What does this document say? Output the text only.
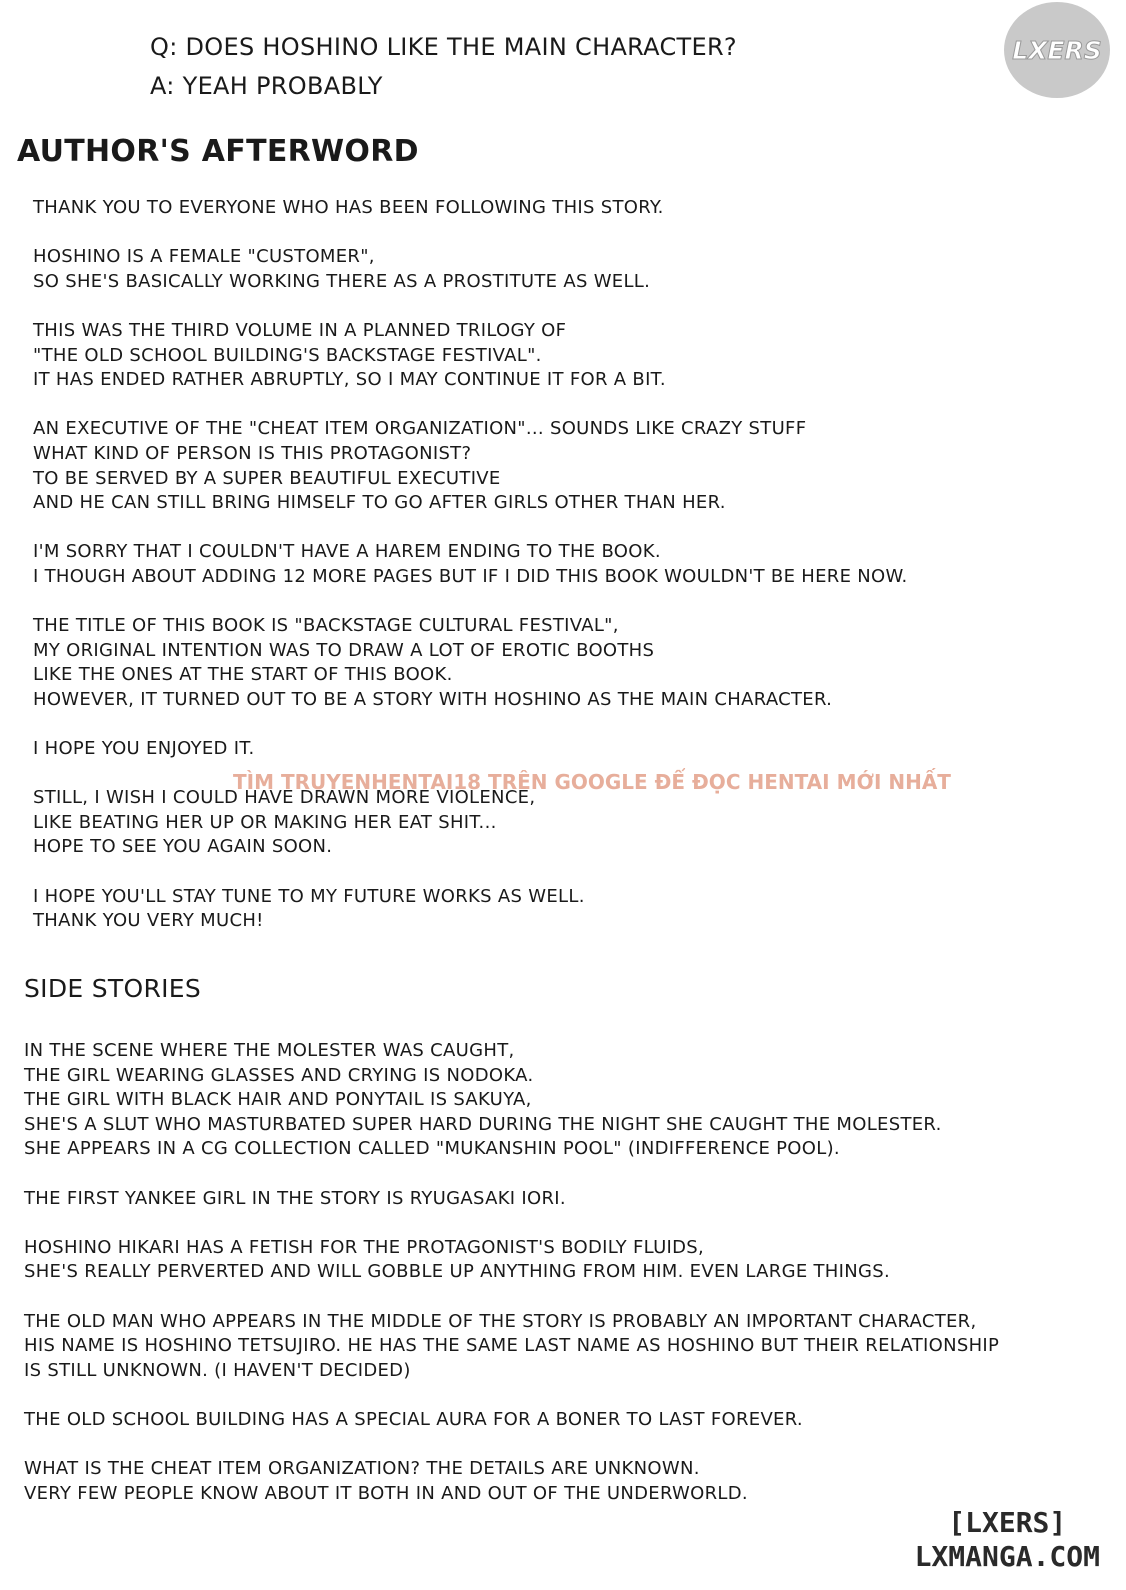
LXERS
Q: DOES HOSHINO LIKE THE MAIN CHARACTER?
A: YEAH PROBABLY
AUTHOR'S AFTERWORD
THANK YOU TO EVERYONE WHO HAS BEEN FOLLOWING THIS STORY.
HOSHINO IS A FEMALE "CUSTOMER",
SO SHE'S BASICALLY WORKING THERE AS A PROSTITUTE AS WELL.
THIS WAS THE THIRD VOLUME IN A PLANNED TRILOGY OF
"THE OLD SCHOOL BUILDING'S BACKSTAGE FESTIVAL".
IT HAS ENDED RATHER ABRUPTLY, SO I MAY CONTINUE IT FOR A BIT.
AN EXECUTIVE OF THE "CHEAT ITEM ORGANIZATION"... SOUNDS LIKE CRAZY STUFF
WHAT KIND OF PERSON IS THIS PROTAGONIST?
TO BE SERVED BY A SUPER BEAUTIFUL EXECUTIVE
AND HE CAN STILL BRING HIMSELF TO GO AFTER GIRLS OTHER THAN HER.
I'M SORRY THAT I COULDN'T HAVE A HAREM ENDING TO THE BOOK.
I THOUGH ABOUT ADDING 12 MORE PAGES BUT IF I DID THIS BOOK WOULDN'T BE HERE NOW.
THE TITLE OF THIS BOOK IS "BACKSTAGE CULTURAL FESTIVAL",
MY ORIGINAL INTENTION WAS TO DRAW A LOT OF EROTIC BOOTHS
LIKE THE ONES AT THE START OF THIS BOOK.
HOWEVER, IT TURNED OUT TO BE A STORY WITH HOSHINO AS THE MAIN CHARACTER.
I HOPE YOU ENJOYED IT.
STILL, I WISH I COULD HAVE DRAWN MORE VIOLENCE,
LIKE BEATING HER UP OR MAKING HER EAT SHIT...
HOPE TO SEE YOU AGAIN SOON.
I HOPE YOU'LL STAY TUNE TO MY FUTURE WORKS AS WELL.
THANK YOU VERY MUCH!
TÌM TRUYENHENTAI18 TRÊN GOOGLE ĐỂ ĐỌC HENTAI MỚI NHẤT
SIDE STORIES
IN THE SCENE WHERE THE MOLESTER WAS CAUGHT,
THE GIRL WEARING GLASSES AND CRYING IS NODOKA.
THE GIRL WITH BLACK HAIR AND PONYTAIL IS SAKUYA,
SHE'S A SLUT WHO MASTURBATED SUPER HARD DURING THE NIGHT SHE CAUGHT THE MOLESTER.
SHE APPEARS IN A CG COLLECTION CALLED "MUKANSHIN POOL" (INDIFFERENCE POOL).
THE FIRST YANKEE GIRL IN THE STORY IS RYUGASAKI IORI.
HOSHINO HIKARI HAS A FETISH FOR THE PROTAGONIST'S BODILY FLUIDS,
SHE'S REALLY PERVERTED AND WILL GOBBLE UP ANYTHING FROM HIM. EVEN LARGE THINGS.
THE OLD MAN WHO APPEARS IN THE MIDDLE OF THE STORY IS PROBABLY AN IMPORTANT CHARACTER,
HIS NAME IS HOSHINO TETSUJIRO. HE HAS THE SAME LAST NAME AS HOSHINO BUT THEIR RELATIONSHIP
IS STILL UNKNOWN. (I HAVEN'T DECIDED)
THE OLD SCHOOL BUILDING HAS A SPECIAL AURA FOR A BONER TO LAST FOREVER.
WHAT IS THE CHEAT ITEM ORGANIZATION? THE DETAILS ARE UNKNOWN.
VERY FEW PEOPLE KNOW ABOUT IT BOTH IN AND OUT OF THE UNDERWORLD.
[LXERS]
LXMANGA.COM
